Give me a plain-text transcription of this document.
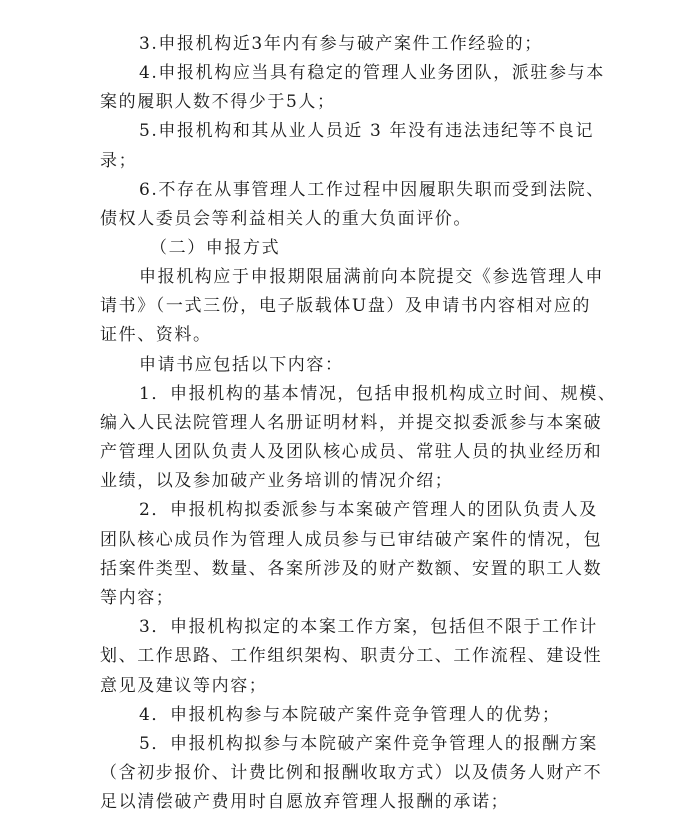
3.申报机构近3年内有参与破产案件工作经验的；
4.申报机构应当具有稳定的管理人业务团队，派驻参与本
案的履职人数不得少于5人；
5.申报机构和其从业人员近 3 年没有违法违纪等不良记
录；
6.不存在从事管理人工作过程中因履职失职而受到法院、
债权人委员会等利益相关人的重大负面评价。
（二）申报方式
申报机构应于申报期限届满前向本院提交《参选管理人申
请书》（一式三份，电子版载体U盘）及申请书内容相对应的
证件、资料。
申请书应包括以下内容：
1．申报机构的基本情况，包括申报机构成立时间、规模、
编入人民法院管理人名册证明材料，并提交拟委派参与本案破
产管理人团队负责人及团队核心成员、常驻人员的执业经历和
业绩，以及参加破产业务培训的情况介绍；
2．申报机构拟委派参与本案破产管理人的团队负责人及
团队核心成员作为管理人成员参与已审结破产案件的情况，包
括案件类型、数量、各案所涉及的财产数额、安置的职工人数
等内容；
3．申报机构拟定的本案工作方案，包括但不限于工作计
划、工作思路、工作组织架构、职责分工、工作流程、建设性
意见及建议等内容；
4．申报机构参与本院破产案件竞争管理人的优势；
5．申报机构拟参与本院破产案件竞争管理人的报酬方案
（含初步报价、计费比例和报酬收取方式）以及债务人财产不
足以清偿破产费用时自愿放弃管理人报酬的承诺；
